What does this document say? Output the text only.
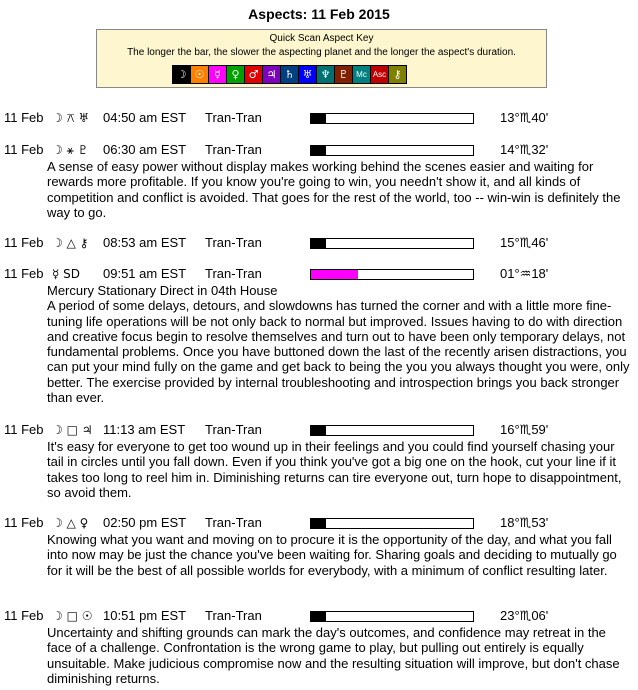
Aspects: 11 Feb 2015
Quick Scan Aspect Key
The longer the bar, the slower the aspecting planet and the longer the aspect's duration.
☽ ☉ ☿ ♀ ♂ ♃ ♄ ♅ ♆ ♇ Mc Asc ⚷
11 Feb ☽ ⚻ ♅ 04:50 am EST Tran-Tran	13°♏40'
11 Feb ☽ ⚹ ♇ 06:30 am EST Tran-Tran	14°♏32'
A sense of easy power without display makes working behind the scenes easier and waiting for rewards more profitable. If you know you're going to win, you needn't show it, and all kinds of competition and conflict is avoided. That goes for the rest of the world, too -- win-win is definitely the way to go.
11 Feb ☽ △ ⚷ 08:53 am EST Tran-Tran	15°♏46'
11 Feb ☿ SD 09:51 am EST Tran-Tran	01°♒18'
Mercury Stationary Direct in 04th House
A period of some delays, detours, and slowdowns has turned the corner and with a little more fine-tuning life operations will be not only back to normal but improved. Issues having to do with direction and creative focus begin to resolve themselves and turn out to have been only temporary delays, not fundamental problems. Once you have buttoned down the last of the recently arisen distractions, you can put your mind fully on the game and get back to being the you you always thought you were, only better. The exercise provided by internal troubleshooting and introspection brings you back stronger than ever.
11 Feb ☽ □ ♃ 11:13 am EST Tran-Tran	16°♏59'
It's easy for everyone to get too wound up in their feelings and you could find yourself chasing your tail in circles until you fall down. Even if you think you've got a big one on the hook, cut your line if it takes too long to reel him in. Diminishing returns can tire everyone out, turn hope to disappointment, so avoid them.
11 Feb ☽ △ ♀ 02:50 pm EST Tran-Tran	18°♏53'
Knowing what you want and moving on to procure it is the opportunity of the day, and what you fall into now may be just the chance you've been waiting for. Sharing goals and deciding to mutually go for it will be the best of all possible worlds for everybody, with a minimum of conflict resulting later.
11 Feb ☽ □ ☉ 10:51 pm EST Tran-Tran	23°♏06'
Uncertainty and shifting grounds can mark the day's outcomes, and confidence may retreat in the face of a challenge. Confrontation is the wrong game to play, but pulling out entirely is equally unsuitable. Make judicious compromise now and the resulting situation will improve, but don't chase diminishing returns.
